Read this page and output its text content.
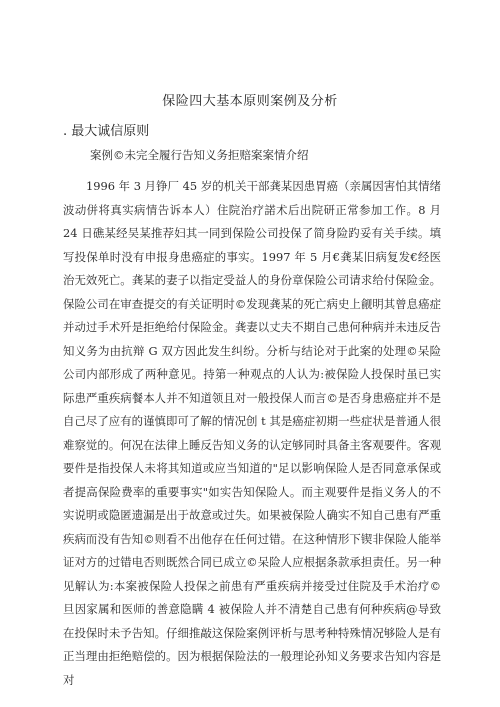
保险四大基本原则案例及分析
. 最大诚信原则
案例©未完全履行告知义务拒赔案案情介绍

1996 年 3 月铮厂 45 岁的机关干部龚某因患胃癌（亲属因害怕其情绪波动併将真实病情告诉本人）住院治疗諾术后出院研正常参加工作。8 月 24 日礁某经吴某推荐妇其一同到保险公司投保了简身险趵妥有关手续。填写投保单时没有申报身患癌症的事实。1997 年 5 月€龚某旧病复发€经医治无效死亡。龚某的妻子以指定受益人的身份章保险公司请求给付保险金。保险公司在审查提交的有关证明时©发现龚某的死亡病史上觎明其曾息癌症并动过手术歼是拒绝给付保险金。龚妻以丈夫不期自己患何种病并未违反告知义务为由抗辩 G 双方因此发生纠纷。分析与结论对于此案的处理©呆险公司内部形成了两种意见。持第一种观点的人认为:被保险人投保时虽已实际患严重疾病餐本人并不知道领且对一般投保人而言©是否身患癌症并不是自己尽了应有的谨慎即可了解的情况创 t 其是癌症初期一些症状是普通人很难察觉的。何况在法律上睡反告知义务的认定够同时具备主客观要件。客观要件是指投保人未将其知道或应当知道的"足以影响保险人是否同意承保或者提高保险费率的重要事实"如实告知保险人。而主观要件是指义务人的不实说明或隐匿遗漏是出于故意或过失。如果被保险人确实不知自己患有严重疾病而没有告知©则看不出他存在任何过错。在这种情形下锲非保险人能举证对方的过错电否则既然合同已成立©呆险人应根据条款承担责任。另一种见解认为:本案被保险人投保之前患有严重疾病并接受过住院及手术治疗©旦因家属和医师的善意隐瞒 4 被保险人并不清楚自己患有何种疾病@导致在投保时未予告知。仔细推敲这保险案例评析与思考种特殊情况够险人是有正当理由拒绝赔偿的。因为根据保险法的一般理论孙知义务要求告知内容是对
